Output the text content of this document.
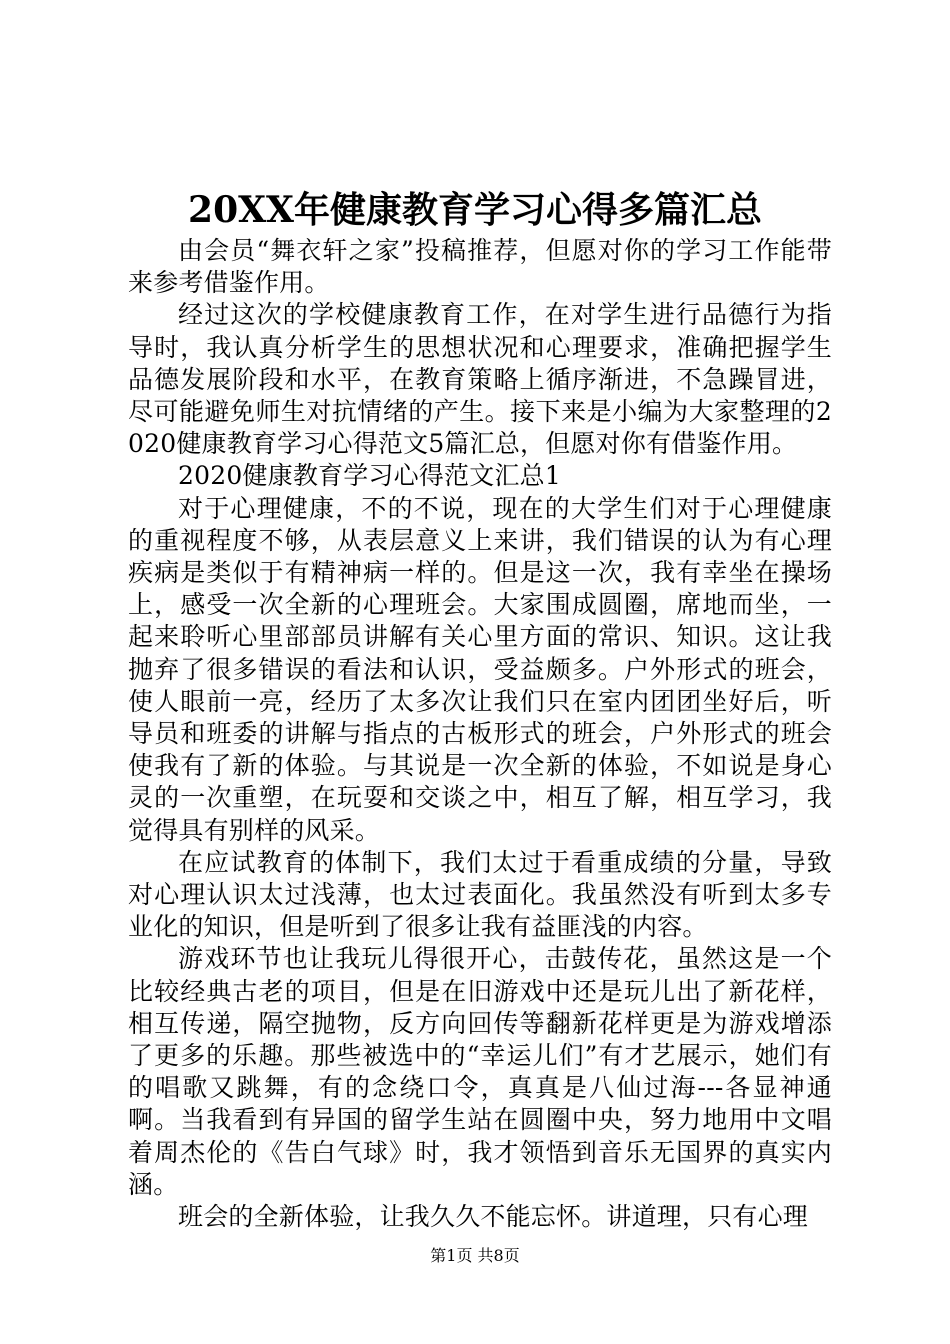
20XX年健康教育学习心得多篇汇总

由会员“舞衣轩之家”投稿推荐，但愿对你的学习工作能带来参考借鉴作用。

经过这次的学校健康教育工作，在对学生进行品德行为指导时，我认真分析学生的思想状况和心理要求，准确把握学生品德发展阶段和水平，在教育策略上循序渐进，不急躁冒进，尽可能避免师生对抗情绪的产生。接下来是小编为大家整理的2020健康教育学习心得范文5篇汇总，但愿对你有借鉴作用。

2020健康教育学习心得范文汇总1

对于心理健康，不的不说，现在的大学生们对于心理健康的重视程度不够，从表层意义上来讲，我们错误的认为有心理疾病是类似于有精神病一样的。但是这一次，我有幸坐在操场上，感受一次全新的心理班会。大家围成圆圈，席地而坐，一起来聆听心里部部员讲解有关心里方面的常识、知识。这让我抛弃了很多错误的看法和认识，受益颇多。户外形式的班会，使人眼前一亮，经历了太多次让我们只在室内团团坐好后，听导员和班委的讲解与指点的古板形式的班会，户外形式的班会使我有了新的体验。与其说是一次全新的体验，不如说是身心灵的一次重塑，在玩耍和交谈之中，相互了解，相互学习，我觉得具有别样的风采。

在应试教育的体制下，我们太过于看重成绩的分量，导致对心理认识太过浅薄，也太过表面化。我虽然没有听到太多专业化的知识，但是听到了很多让我有益匪浅的内容。

游戏环节也让我玩儿得很开心，击鼓传花，虽然这是一个比较经典古老的项目，但是在旧游戏中还是玩儿出了新花样，相互传递，隔空抛物，反方向回传等翻新花样更是为游戏增添了更多的乐趣。那些被选中的“幸运儿们”有才艺展示，她们有的唱歌又跳舞，有的念绕口令，真真是八仙过海---各显神通啊。当我看到有异国的留学生站在圆圈中央，努力地用中文唱着周杰伦的《告白气球》时，我才领悟到音乐无国界的真实内涵。

班会的全新体验，让我久久不能忘怀。讲道理，只有心理

第1页 共8页
